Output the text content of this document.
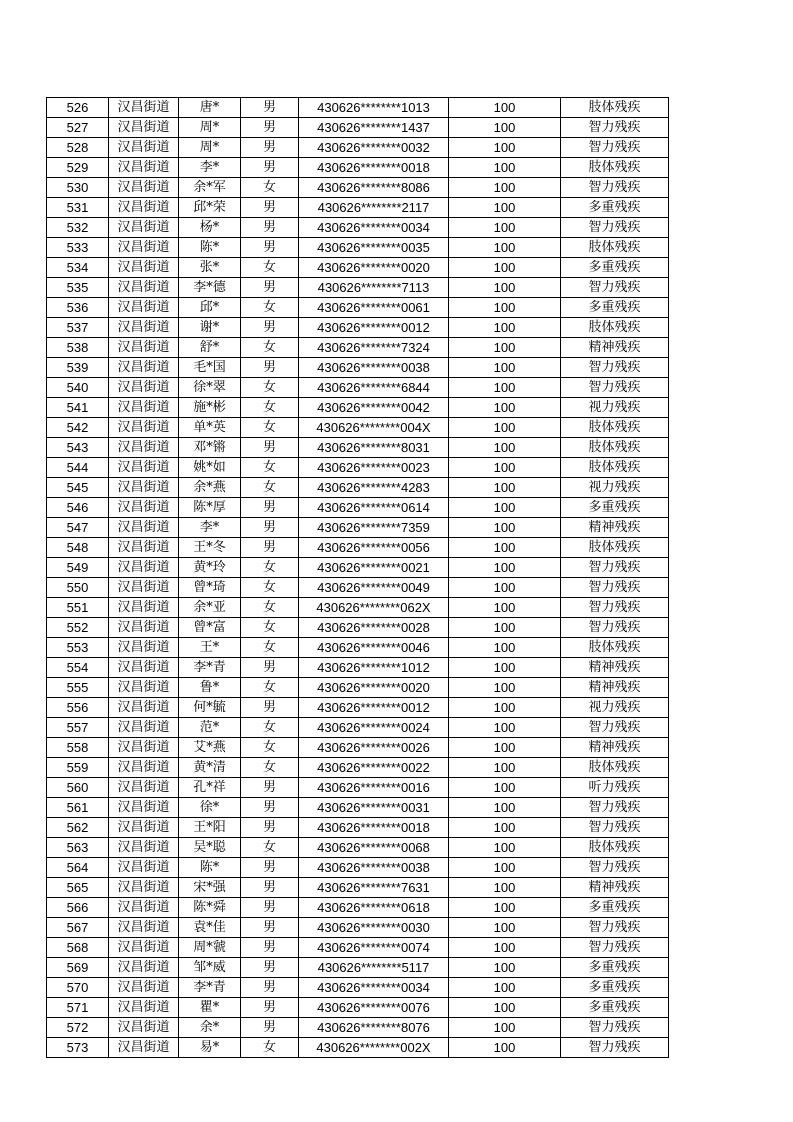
526	汉昌街道	唐*	男	430626********1013	100	肢体残疾
527	汉昌街道	周*	男	430626********1437	100	智力残疾
528	汉昌街道	周*	男	430626********0032	100	智力残疾
529	汉昌街道	李*	男	430626********0018	100	肢体残疾
530	汉昌街道	余*军	女	430626********8086	100	智力残疾
531	汉昌街道	邱*荣	男	430626********2117	100	多重残疾
532	汉昌街道	杨*	男	430626********0034	100	智力残疾
533	汉昌街道	陈*	男	430626********0035	100	肢体残疾
534	汉昌街道	张*	女	430626********0020	100	多重残疾
535	汉昌街道	李*德	男	430626********7113	100	智力残疾
536	汉昌街道	邱*	女	430626********0061	100	多重残疾
537	汉昌街道	谢*	男	430626********0012	100	肢体残疾
538	汉昌街道	舒*	女	430626********7324	100	精神残疾
539	汉昌街道	毛*国	男	430626********0038	100	智力残疾
540	汉昌街道	徐*翠	女	430626********6844	100	智力残疾
541	汉昌街道	施*彬	女	430626********0042	100	视力残疾
542	汉昌街道	单*英	女	430626********004X	100	肢体残疾
543	汉昌街道	邓*锵	男	430626********8031	100	肢体残疾
544	汉昌街道	姚*如	女	430626********0023	100	肢体残疾
545	汉昌街道	余*燕	女	430626********4283	100	视力残疾
546	汉昌街道	陈*厚	男	430626********0614	100	多重残疾
547	汉昌街道	李*	男	430626********7359	100	精神残疾
548	汉昌街道	王*冬	男	430626********0056	100	肢体残疾
549	汉昌街道	黄*玲	女	430626********0021	100	智力残疾
550	汉昌街道	曾*琦	女	430626********0049	100	智力残疾
551	汉昌街道	余*亚	女	430626********062X	100	智力残疾
552	汉昌街道	曾*富	女	430626********0028	100	智力残疾
553	汉昌街道	王*	女	430626********0046	100	肢体残疾
554	汉昌街道	李*青	男	430626********1012	100	精神残疾
555	汉昌街道	鲁*	女	430626********0020	100	精神残疾
556	汉昌街道	何*毓	男	430626********0012	100	视力残疾
557	汉昌街道	范*	女	430626********0024	100	智力残疾
558	汉昌街道	艾*燕	女	430626********0026	100	精神残疾
559	汉昌街道	黄*清	女	430626********0022	100	肢体残疾
560	汉昌街道	孔*祥	男	430626********0016	100	听力残疾
561	汉昌街道	徐*	男	430626********0031	100	智力残疾
562	汉昌街道	王*阳	男	430626********0018	100	智力残疾
563	汉昌街道	吴*聪	女	430626********0068	100	肢体残疾
564	汉昌街道	陈*	男	430626********0038	100	智力残疾
565	汉昌街道	宋*强	男	430626********7631	100	精神残疾
566	汉昌街道	陈*舜	男	430626********0618	100	多重残疾
567	汉昌街道	袁*佳	男	430626********0030	100	智力残疾
568	汉昌街道	周*虢	男	430626********0074	100	智力残疾
569	汉昌街道	邹*威	男	430626********5117	100	多重残疾
570	汉昌街道	李*青	男	430626********0034	100	多重残疾
571	汉昌街道	瞿*	男	430626********0076	100	多重残疾
572	汉昌街道	余*	男	430626********8076	100	智力残疾
573	汉昌街道	易*	女	430626********002X	100	智力残疾
